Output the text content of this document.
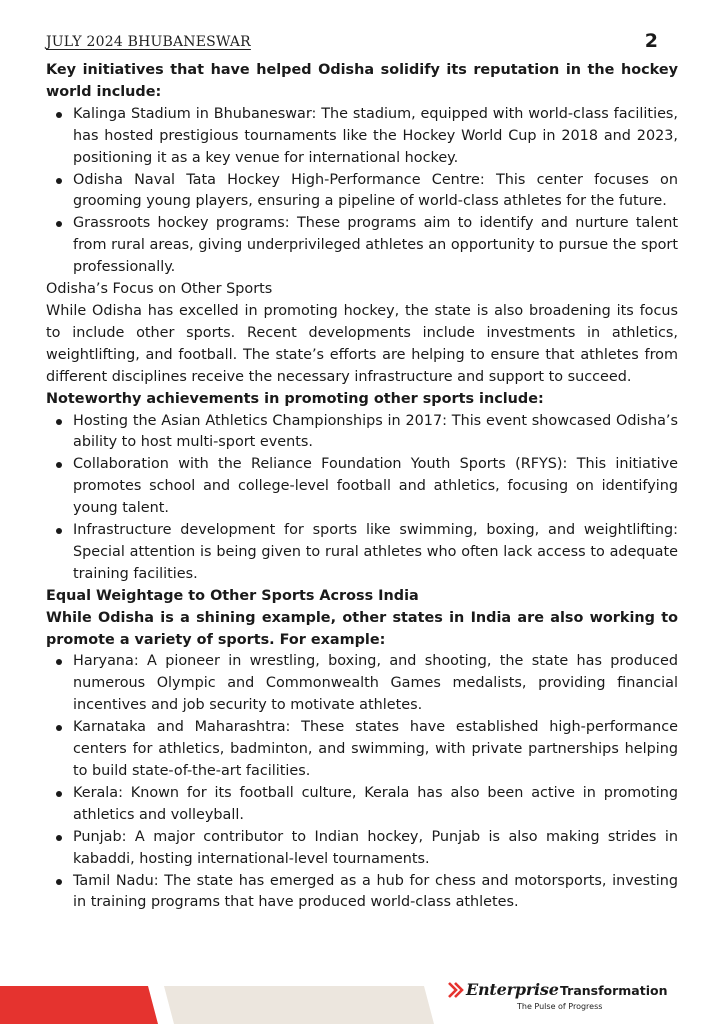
JULY 2024 BHUBANESWAR	2

Key initiatives that have helped Odisha solidify its reputation in the hockey world include:

Kalinga Stadium in Bhubaneswar: The stadium, equipped with world-class facilities, has hosted prestigious tournaments like the Hockey World Cup in 2018 and 2023, positioning it as a key venue for international hockey.
Odisha Naval Tata Hockey High-Performance Centre: This center focuses on grooming young players, ensuring a pipeline of world-class athletes for the future.
Grassroots hockey programs: These programs aim to identify and nurture talent from rural areas, giving underprivileged athletes an opportunity to pursue the sport professionally.

Odisha’s Focus on Other Sports

While Odisha has excelled in promoting hockey, the state is also broadening its focus to include other sports. Recent developments include investments in athletics, weightlifting, and football. The state’s efforts are helping to ensure that athletes from different disciplines receive the necessary infrastructure and support to succeed.

Noteworthy achievements in promoting other sports include:

Hosting the Asian Athletics Championships in 2017: This event showcased Odisha’s ability to host multi-sport events.
Collaboration with the Reliance Foundation Youth Sports (RFYS): This initiative promotes school and college-level football and athletics, focusing on identifying young talent.
Infrastructure development for sports like swimming, boxing, and weightlifting: Special attention is being given to rural athletes who often lack access to adequate training facilities.

Equal Weightage to Other Sports Across India

While Odisha is a shining example, other states in India are also working to promote a variety of sports. For example:

Haryana: A pioneer in wrestling, boxing, and shooting, the state has produced numerous Olympic and Commonwealth Games medalists, providing financial incentives and job security to motivate athletes.
Karnataka and Maharashtra: These states have established high-performance centers for athletics, badminton, and swimming, with private partnerships helping to build state-of-the-art facilities.
Kerala: Known for its football culture, Kerala has also been active in promoting athletics and volleyball.
Punjab: A major contributor to Indian hockey, Punjab is also making strides in kabaddi, hosting international-level tournaments.
Tamil Nadu: The state has emerged as a hub for chess and motorsports, investing in training programs that have produced world-class athletes.
Enterprise Transformation
The Pulse of Progress
